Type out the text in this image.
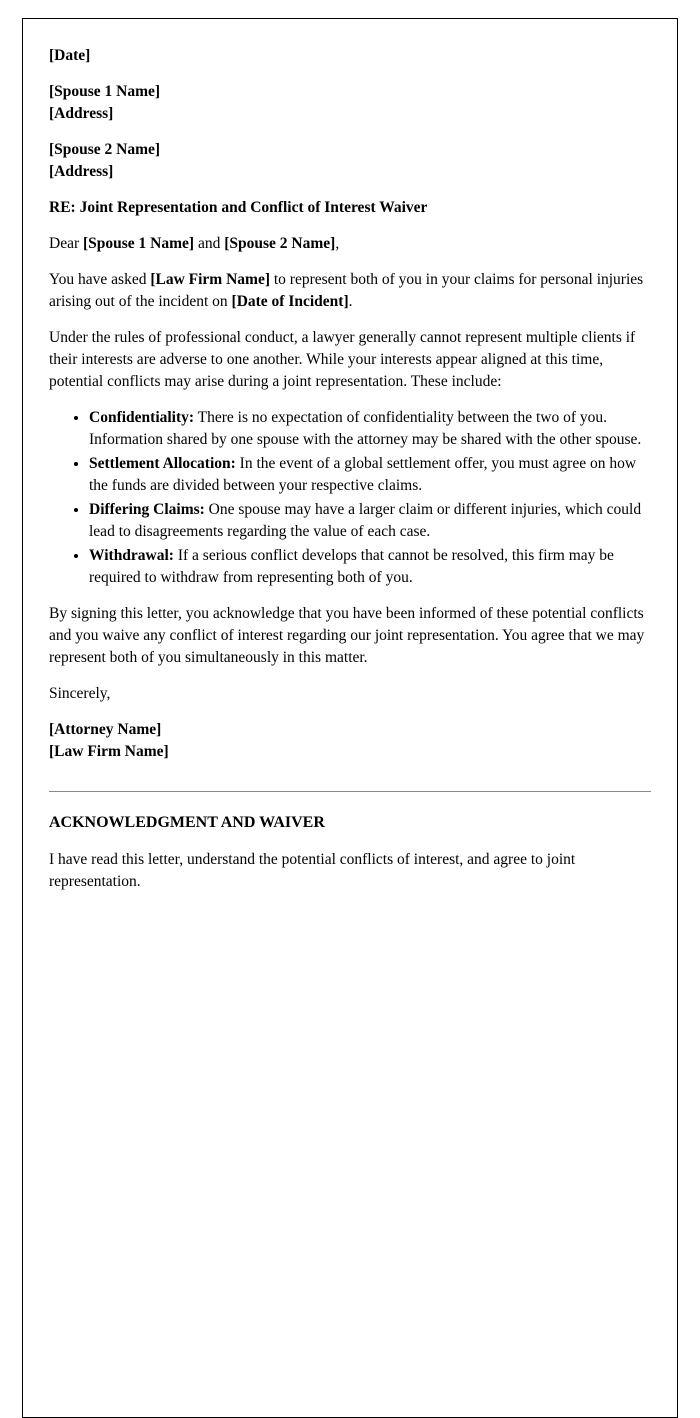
[Date]

[Spouse 1 Name]
[Address]

[Spouse 2 Name]
[Address]

RE: Joint Representation and Conflict of Interest Waiver

Dear [Spouse 1 Name] and [Spouse 2 Name],

You have asked [Law Firm Name] to represent both of you in your claims for personal injuries arising out of the incident on [Date of Incident].

Under the rules of professional conduct, a lawyer generally cannot represent multiple clients if their interests are adverse to one another. While your interests appear aligned at this time, potential conflicts may arise during a joint representation. These include:

• Confidentiality: There is no expectation of confidentiality between the two of you. Information shared by one spouse with the attorney may be shared with the other spouse.
• Settlement Allocation: In the event of a global settlement offer, you must agree on how the funds are divided between your respective claims.
• Differing Claims: One spouse may have a larger claim or different injuries, which could lead to disagreements regarding the value of each case.
• Withdrawal: If a serious conflict develops that cannot be resolved, this firm may be required to withdraw from representing both of you.

By signing this letter, you acknowledge that you have been informed of these potential conflicts and you waive any conflict of interest regarding our joint representation. You agree that we may represent both of you simultaneously in this matter.

Sincerely,

[Attorney Name]
[Law Firm Name]

ACKNOWLEDGMENT AND WAIVER

I have read this letter, understand the potential conflicts of interest, and agree to joint representation.
